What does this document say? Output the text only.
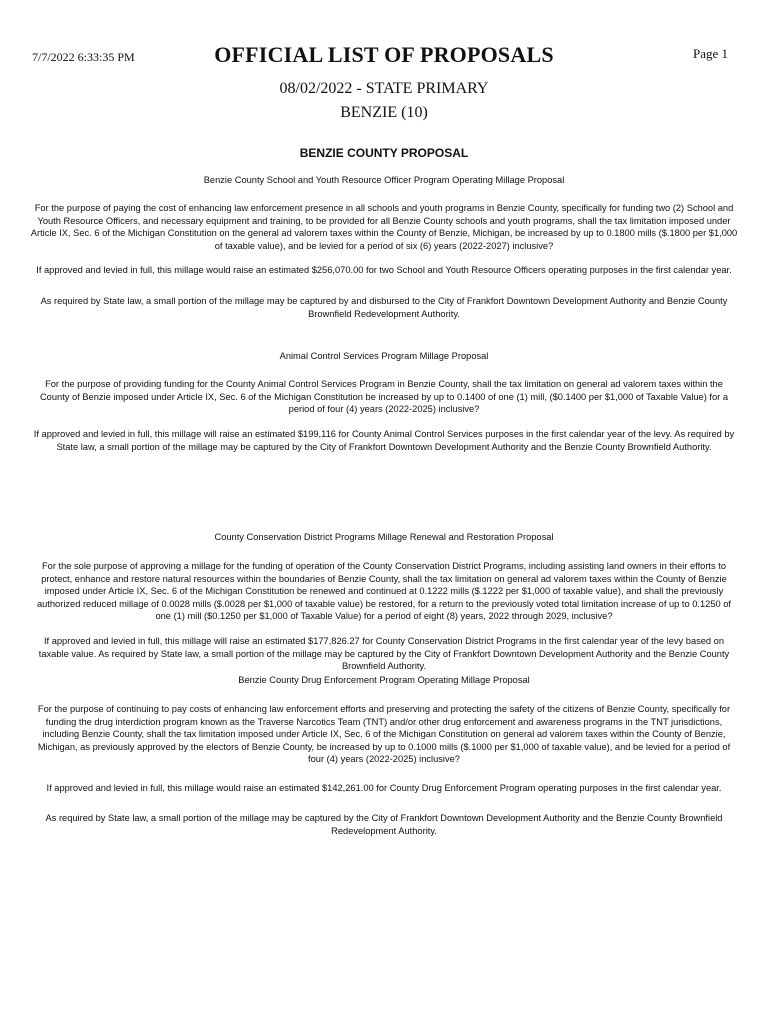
7/7/2022 6:33:35 PM	OFFICIAL LIST OF PROPOSALS	Page 1
08/02/2022 - STATE PRIMARY
BENZIE (10)
BENZIE COUNTY PROPOSAL
Benzie County School and Youth Resource Officer Program Operating Millage Proposal
For the purpose of paying the cost of enhancing law enforcement presence in all schools and youth programs in Benzie County, specifically for funding two (2) School and Youth Resource Officers, and necessary equipment and training, to be provided for all Benzie County schools and youth programs, shall the tax limitation imposed under Article IX, Sec. 6 of the Michigan Constitution on the general ad valorem taxes within the County of Benzie, Michigan, be increased by up to 0.1800 mills ($.1800 per $1,000 of taxable value), and be levied for a period of six (6) years (2022-2027) inclusive?
If approved and levied in full, this millage would raise an estimated $256,070.00 for two School and Youth Resource Officers operating purposes in the first calendar year.
As required by State law, a small portion of the millage may be captured by and disbursed to the City of Frankfort Downtown Development Authority and Benzie County Brownfield Redevelopment Authority.
Animal Control Services Program Millage Proposal
For the purpose of providing funding for the County Animal Control Services Program in Benzie County, shall the tax limitation on general ad valorem taxes within the County of Benzie imposed under Article IX, Sec. 6 of the Michigan Constitution be increased by up to 0.1400 of one (1) mill, ($0.1400 per $1,000 of Taxable Value) for a period of four (4) years (2022-2025) inclusive?
If approved and levied in full, this millage will raise an estimated $199,116 for County Animal Control Services purposes in the first calendar year of the levy. As required by State law, a small portion of the millage may be captured by the City of Frankfort Downtown Development Authority and the Benzie County Brownfield Authority.
County Conservation District Programs Millage Renewal and Restoration Proposal
For the sole purpose of approving a millage for the funding of operation of the County Conservation District Programs, including assisting land owners in their efforts to protect, enhance and restore natural resources within the boundaries of Benzie County, shall the tax limitation on general ad valorem taxes within the County of Benzie imposed under Article IX, Sec. 6 of the Michigan Constitution be renewed and continued at 0.1222 mills ($.1222 per $1,000 of taxable value), and shall the previously authorized reduced millage of 0.0028 mills ($.0028 per $1,000 of taxable value) be restored, for a return to the previously voted total limitation increase of up to 0.1250 of one (1) mill ($0.1250 per $1,000 of Taxable Value) for a period of eight (8) years, 2022 through 2029, inclusive?
If approved and levied in full, this millage will raise an estimated $177,826.27 for County Conservation District Programs in the first calendar year of the levy based on taxable value. As required by State law, a small portion of the millage may be captured by the City of Frankfort Downtown Development Authority and the Benzie County Brownfield Authority.
Benzie County Drug Enforcement Program Operating Millage Proposal
For the purpose of continuing to pay costs of enhancing law enforcement efforts and preserving and protecting the safety of the citizens of Benzie County, specifically for funding the drug interdiction program known as the Traverse Narcotics Team (TNT) and/or other drug enforcement and awareness programs in the TNT jurisdictions, including Benzie County, shall the tax limitation imposed under Article IX, Sec. 6 of the Michigan Constitution on general ad valorem taxes within the County of Benzie, Michigan, as previously approved by the electors of Benzie County, be increased by up to 0.1000 mills ($.1000 per $1,000 of taxable value), and be levied for a period of four (4) years (2022-2025) inclusive?
If approved and levied in full, this millage would raise an estimated $142,261.00 for County Drug Enforcement Program operating purposes in the first calendar year.
As required by State law, a small portion of the millage may be captured by the City of Frankfort Downtown Development Authority and the Benzie County Brownfield Redevelopment Authority.
